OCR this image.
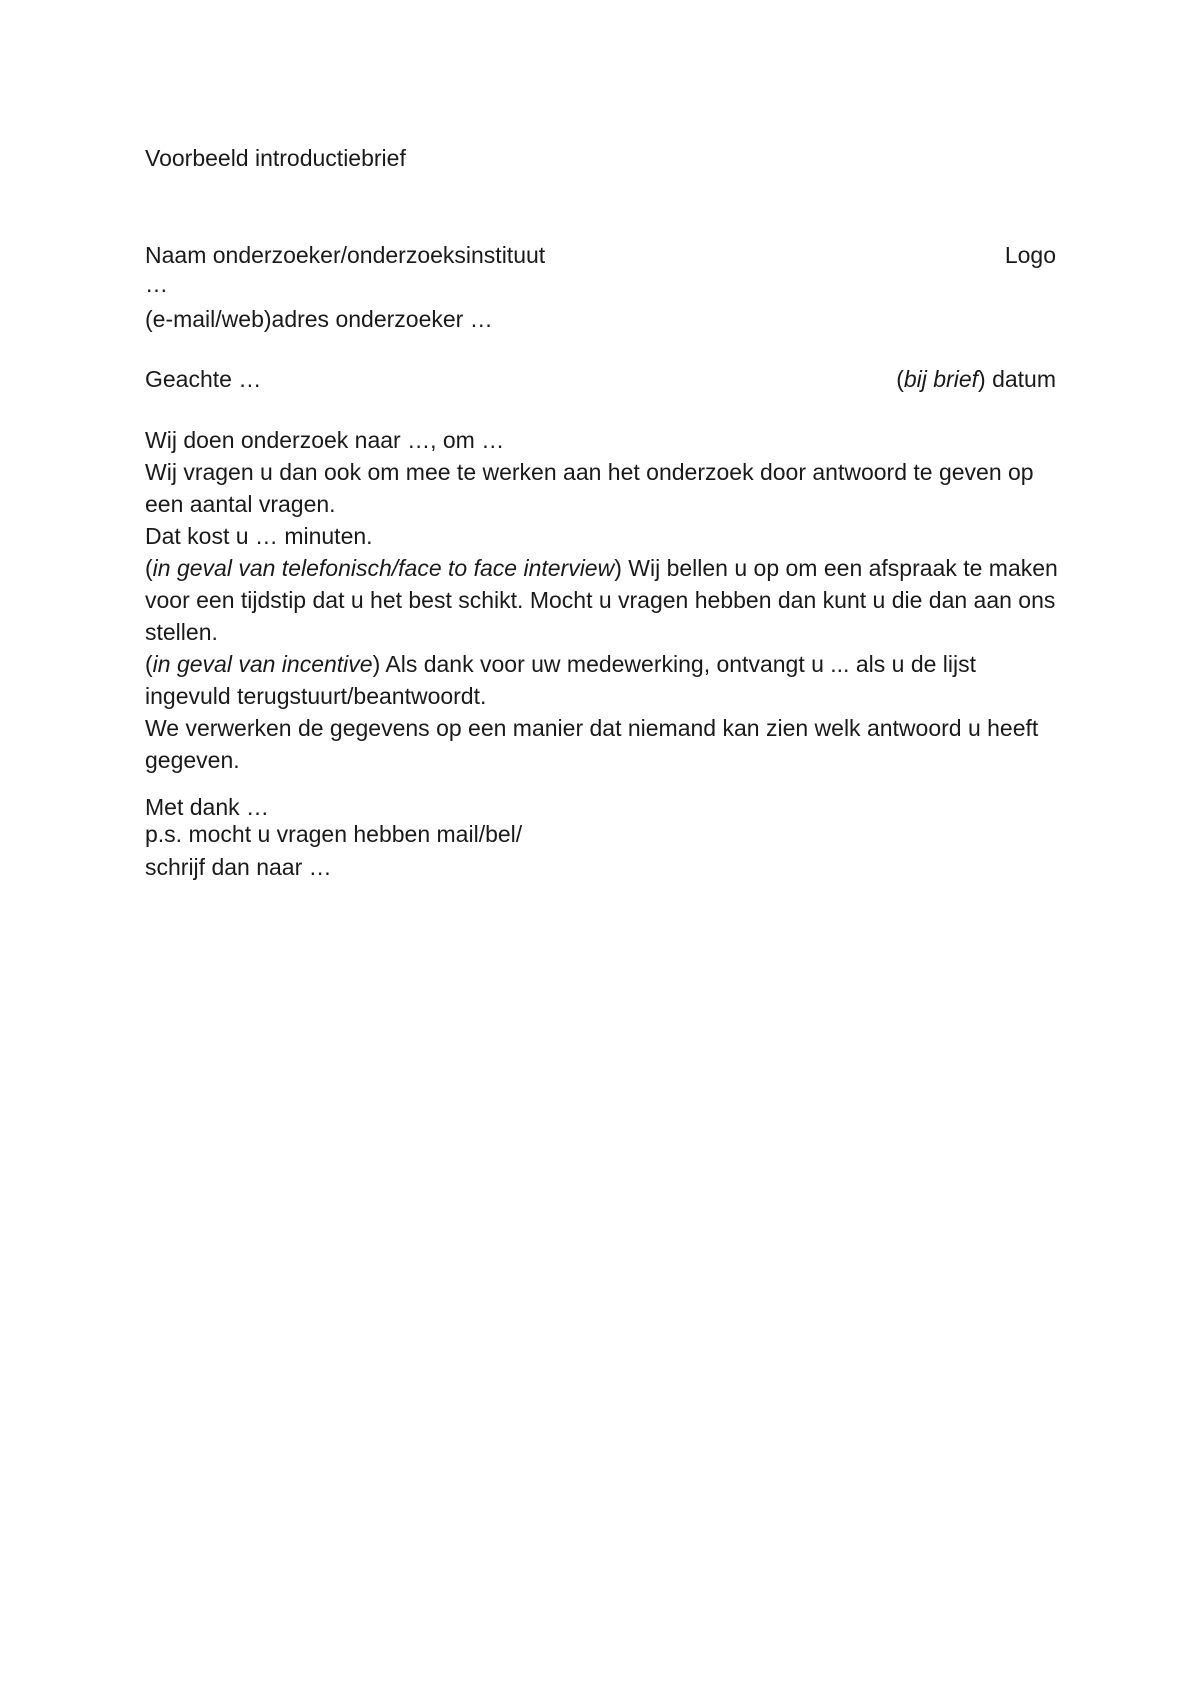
Voorbeeld introductiebrief
Naam onderzoeker/onderzoeksinstituut	Logo
…
(e-mail/web)adres onderzoeker …
Geachte …	(bij brief) datum

Wij doen onderzoek naar …, om …

Wij vragen u dan ook om mee te werken aan het onderzoek door antwoord te geven op een aantal vragen.

Dat kost u … minuten.

(in geval van telefonisch/face to face interview) Wij bellen u op om een afspraak te maken voor een tijdstip dat u het best schikt. Mocht u vragen hebben dan kunt u die dan aan ons stellen.

(in geval van incentive) Als dank voor uw medewerking, ontvangt u ... als u de lijst ingevuld terugstuurt/beantwoordt.

We verwerken de gegevens op een manier dat niemand kan zien welk antwoord u heeft gegeven.

Met dank …
p.s. mocht u vragen hebben mail/bel/
schrijf dan naar …
